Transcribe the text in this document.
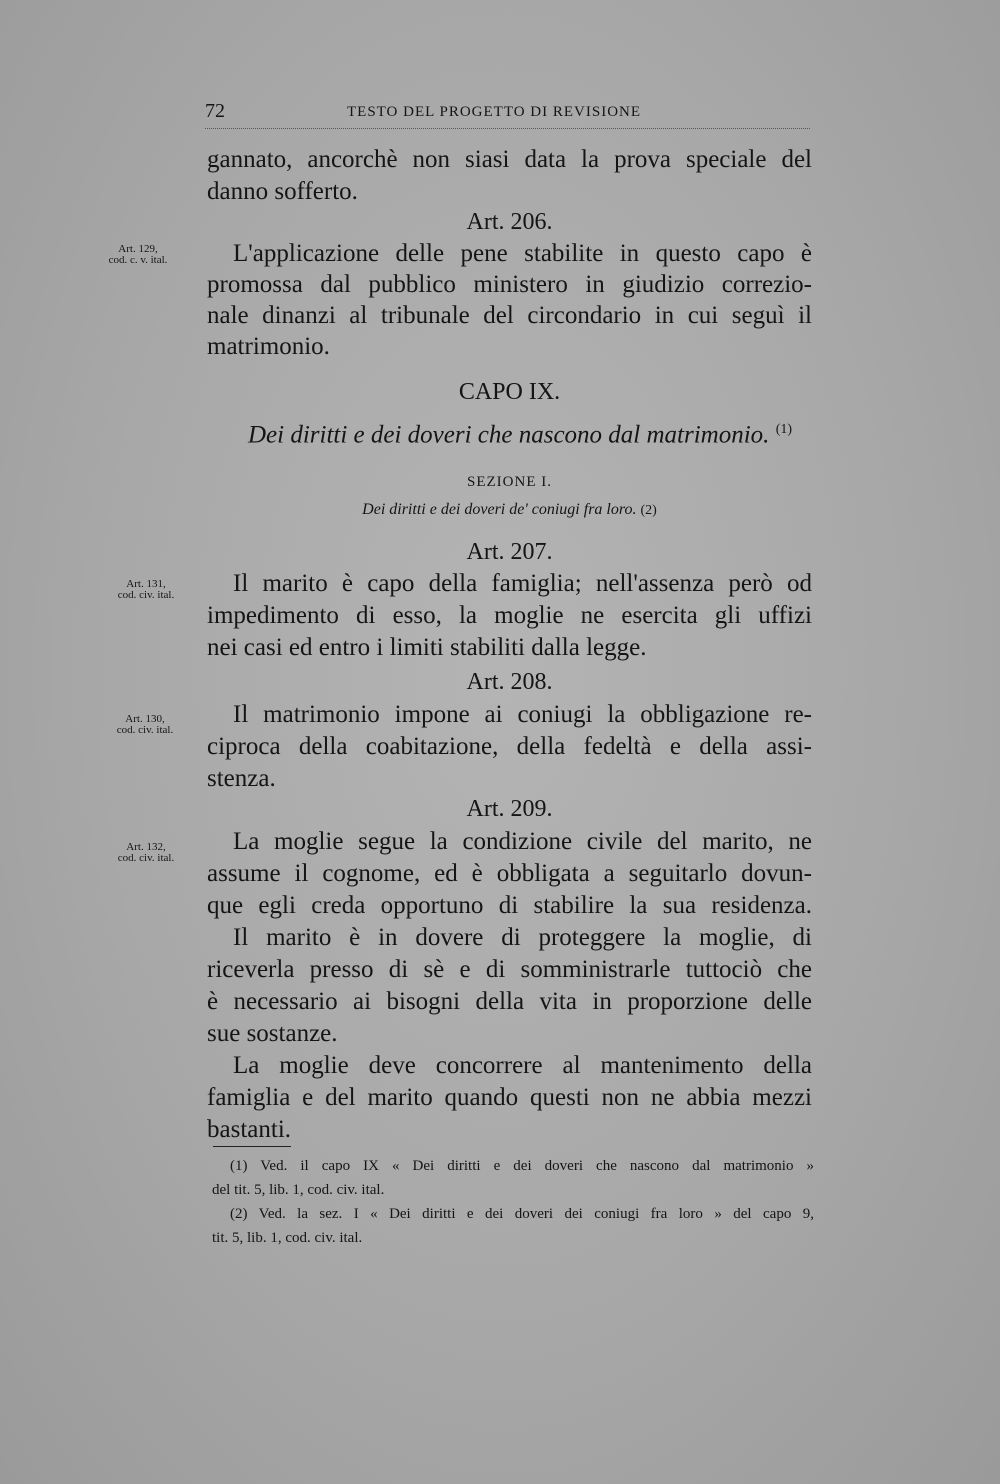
72	TESTO DEL PROGETTO DI REVISIONE
Art. 129,
cod. c. v. ital.
Art. 131,
cod. civ. ital.
Art. 130,
cod. civ. ital.
Art. 132,
cod. civ. ital.
gannato, ancorchè non siasi data la prova speciale del
danno sofferto.
Art. 206.
L'applicazione delle pene stabilite in questo capo è
promossa dal pubblico ministero in giudizio correzio-
nale dinanzi al tribunale del circondario in cui seguì il
matrimonio.
CAPO IX.
Dei diritti e dei doveri che nascono dal matrimonio. $^{(1)}$
SEZIONE I.
Dei diritti e dei doveri de' coniugi fra loro. (2)
Art. 207.
Il marito è capo della famiglia; nell'assenza però od
impedimento di esso, la moglie ne esercita gli uffizi
nei casi ed entro i limiti stabiliti dalla legge.
Art. 208.
Il matrimonio impone ai coniugi la obbligazione re-
ciproca della coabitazione, della fedeltà e della assi-
stenza.
Art. 209.
La moglie segue la condizione civile del marito, ne
assume il cognome, ed è obbligata a seguitarlo dovun-
que egli creda opportuno di stabilire la sua residenza.
Il marito è in dovere di proteggere la moglie, di
riceverla presso di sè e di somministrarle tuttociò che
è necessario ai bisogni della vita in proporzione delle
sue sostanze.
La moglie deve concorrere al mantenimento della
famiglia e del marito quando questi non ne abbia mezzi
bastanti.
(1) Ved. il capo IX « Dei diritti e dei doveri che nascono dal matrimonio »
del tit. 5, lib. 1, cod. civ. ital.
(2) Ved. la sez. I « Dei diritti e dei doveri dei coniugi fra loro » del capo 9,
tit. 5, lib. 1, cod. civ. ital.
